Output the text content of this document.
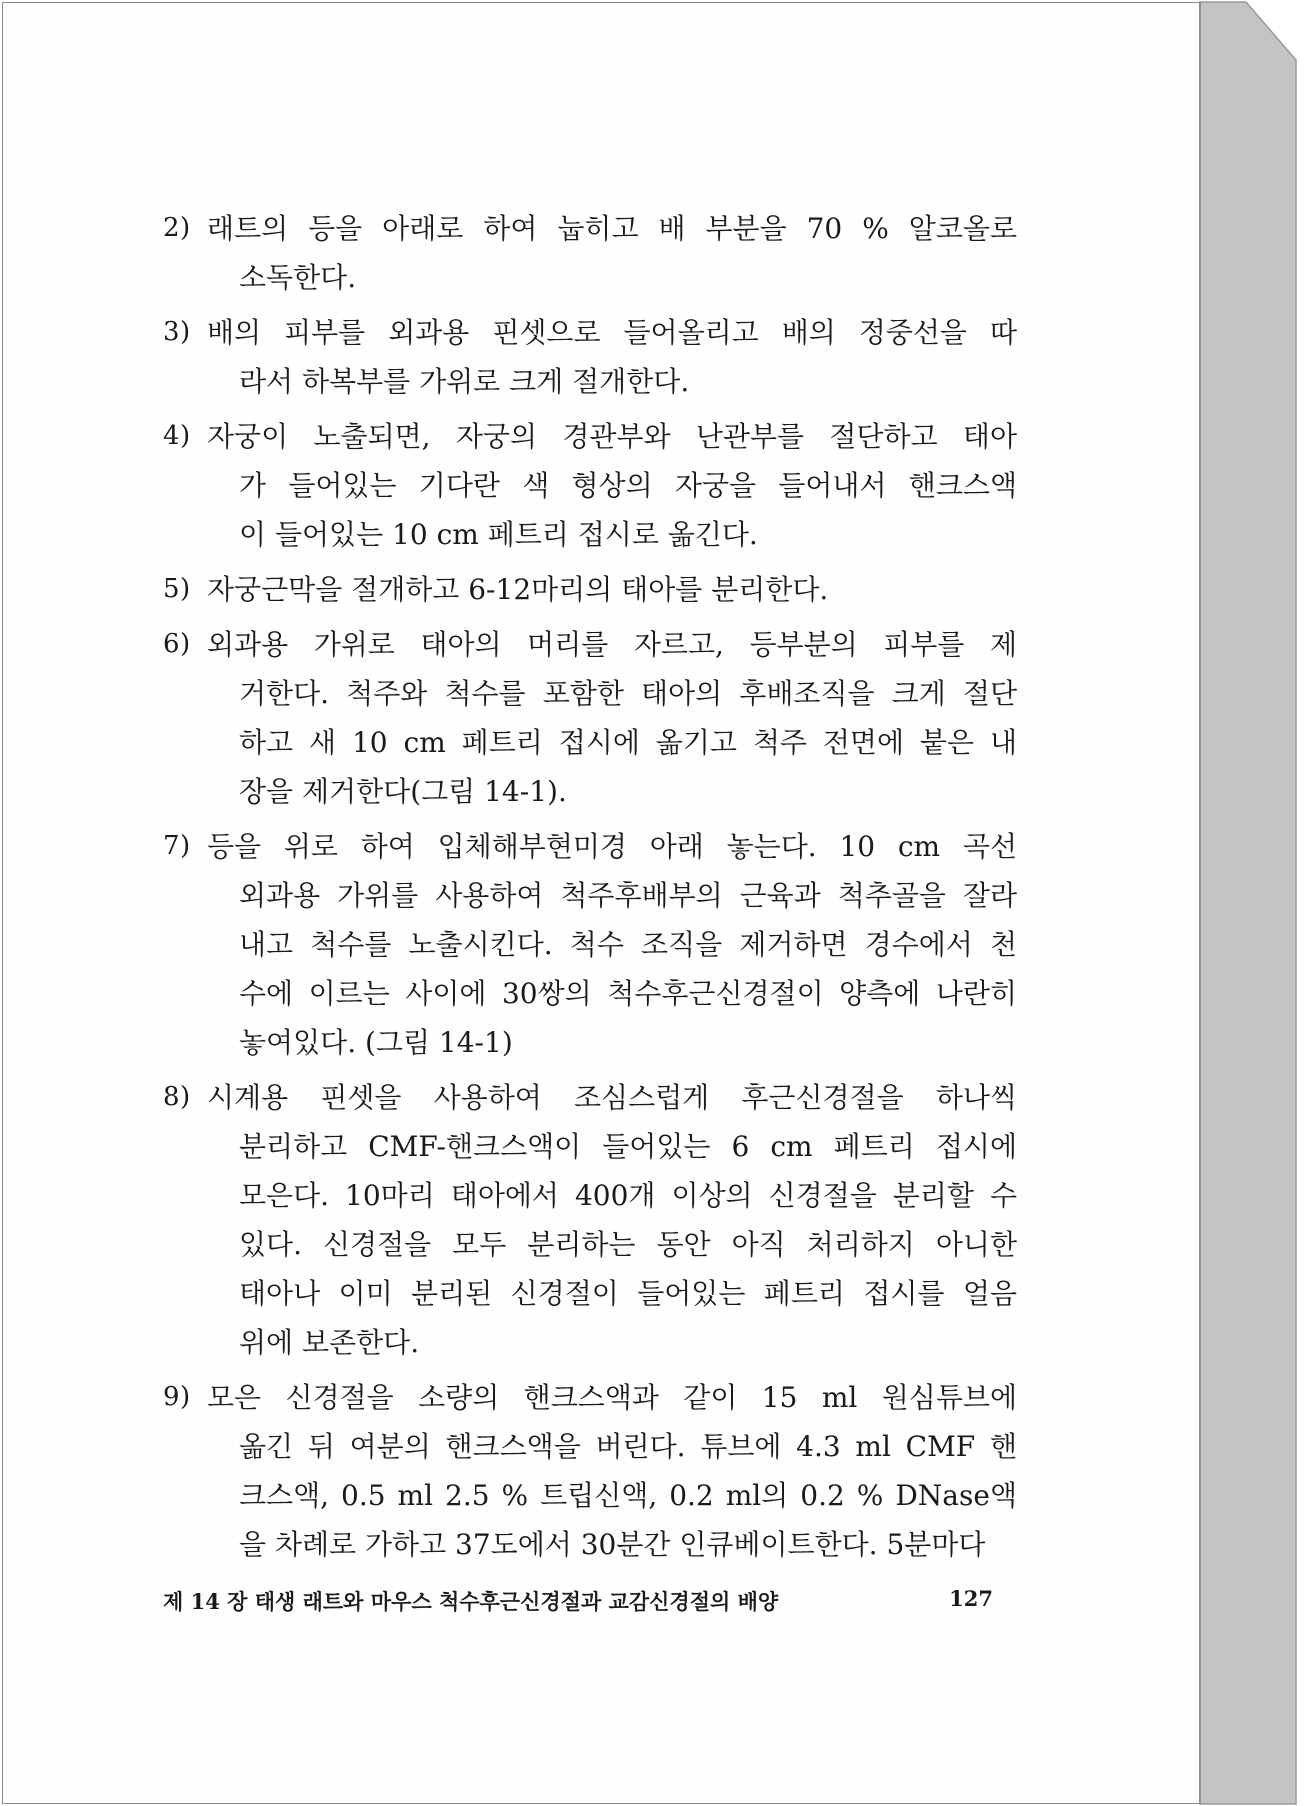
2) 래트의 등을 아래로 하여 눕히고 배 부분을 70 % 알코올로
소독한다.
3) 배의 피부를 외과용 핀셋으로 들어올리고 배의 정중선을 따
라서 하복부를 가위로 크게 절개한다.
4) 자궁이 노출되면, 자궁의 경관부와 난관부를 절단하고 태아
가 들어있는 기다란 색 형상의 자궁을 들어내서 핸크스액
이 들어있는 10 cm 페트리 접시로 옮긴다.
5) 자궁근막을 절개하고 6-12마리의 태아를 분리한다.
6) 외과용 가위로 태아의 머리를 자르고, 등부분의 피부를 제
거한다. 척주와 척수를 포함한 태아의 후배조직을 크게 절단
하고 새 10 cm 페트리 접시에 옮기고 척주 전면에 붙은 내
장을 제거한다(그림 14-1).
7) 등을 위로 하여 입체해부현미경 아래 놓는다. 10 cm 곡선
외과용 가위를 사용하여 척주후배부의 근육과 척추골을 잘라
내고 척수를 노출시킨다. 척수 조직을 제거하면 경수에서 천
수에 이르는 사이에 30쌍의 척수후근신경절이 양측에 나란히
놓여있다. (그림 14-1)
8) 시계용 핀셋을 사용하여 조심스럽게 후근신경절을 하나씩
분리하고 CMF-핸크스액이 들어있는 6 cm 페트리 접시에
모은다. 10마리 태아에서 400개 이상의 신경절을 분리할 수
있다. 신경절을 모두 분리하는 동안 아직 처리하지 아니한
태아나 이미 분리된 신경절이 들어있는 페트리 접시를 얼음
위에 보존한다.
9) 모은 신경절을 소량의 핸크스액과 같이 15 ml 원심튜브에
옮긴 뒤 여분의 핸크스액을 버린다. 튜브에 4.3 ml CMF 핸
크스액, 0.5 ml 2.5 % 트립신액, 0.2 ml의 0.2 % DNase액
을 차례로 가하고 37도에서 30분간 인큐베이트한다. 5분마다
제 14 장 태생 래트와 마우스 척수후근신경절과 교감신경절의 배양	127
